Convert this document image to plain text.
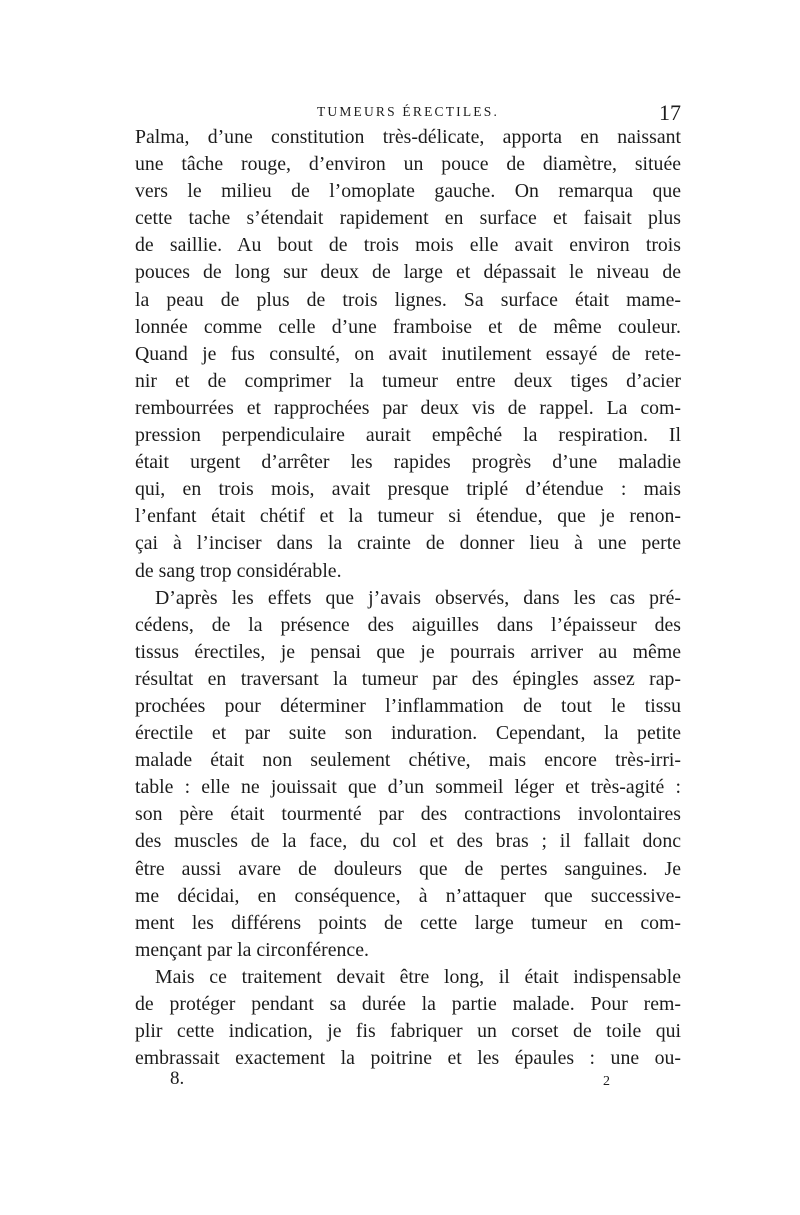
TUMEURS ÉRECTILES.	17
Palma, d’une constitution très-délicate, apporta en naissant
une tâche rouge, d’environ un pouce de diamètre, située
vers le milieu de l’omoplate gauche. On remarqua que
cette tache s’étendait rapidement en surface et faisait plus
de saillie. Au bout de trois mois elle avait environ trois
pouces de long sur deux de large et dépassait le niveau de
la peau de plus de trois lignes. Sa surface était mame-
lonnée comme celle d’une framboise et de même couleur.
Quand je fus consulté, on avait inutilement essayé de rete-
nir et de comprimer la tumeur entre deux tiges d’acier
rembourrées et rapprochées par deux vis de rappel. La com-
pression perpendiculaire aurait empêché la respiration. Il
était urgent d’arrêter les rapides progrès d’une maladie
qui, en trois mois, avait presque triplé d’étendue : mais
l’enfant était chétif et la tumeur si étendue, que je renon-
çai à l’inciser dans la crainte de donner lieu à une perte
de sang trop considérable.
D’après les effets que j’avais observés, dans les cas pré-
cédens, de la présence des aiguilles dans l’épaisseur des
tissus érectiles, je pensai que je pourrais arriver au même
résultat en traversant la tumeur par des épingles assez rap-
prochées pour déterminer l’inflammation de tout le tissu
érectile et par suite son induration. Cependant, la petite
malade était non seulement chétive, mais encore très-irri-
table : elle ne jouissait que d’un sommeil léger et très-agité :
son père était tourmenté par des contractions involontaires
des muscles de la face, du col et des bras ; il fallait donc
être aussi avare de douleurs que de pertes sanguines. Je
me décidai, en conséquence, à n’attaquer que successive-
ment les différens points de cette large tumeur en com-
mençant par la circonférence.
Mais ce traitement devait être long, il était indispensable
de protéger pendant sa durée la partie malade. Pour rem-
plir cette indication, je fis fabriquer un corset de toile qui
embrassait exactement la poitrine et les épaules : une ou-
8.	2
